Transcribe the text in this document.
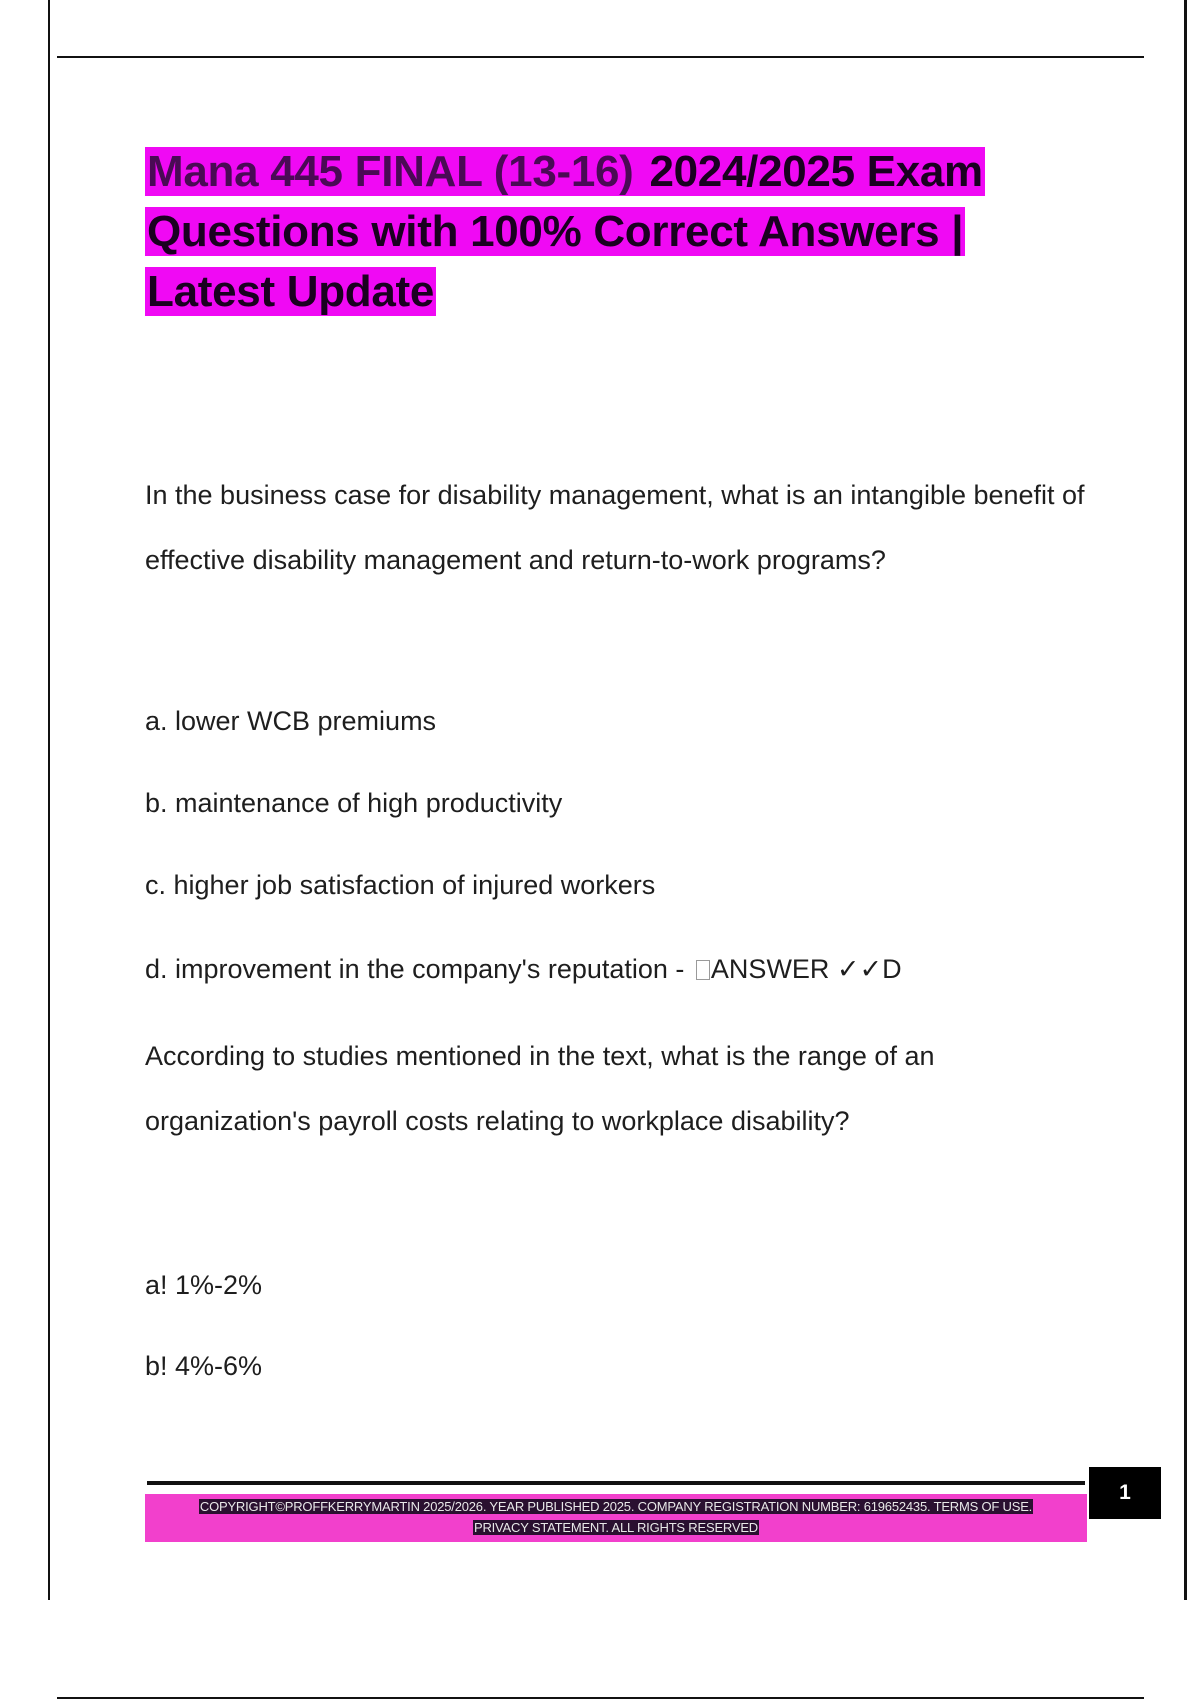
Mana 445 FINAL (13-16) 2024/2025 Exam
Questions with 100% Correct Answers |
Latest Update

In the business case for disability management, what is an intangible benefit of effective disability management and return-to-work programs?

a. lower WCB premiums

b. maintenance of high productivity

c. higher job satisfaction of injured workers

d. improvement in the company's reputation - ANSWER ✓✓D

According to studies mentioned in the text, what is the range of an organization's payroll costs relating to workplace disability?

a! 1%-2%

b! 4%-6%

COPYRIGHT©PROFFKERRYMARTIN 2025/2026. YEAR PUBLISHED 2025. COMPANY REGISTRATION NUMBER: 619652435. TERMS OF USE.
PRIVACY STATEMENT. ALL RIGHTS RESERVED
1
